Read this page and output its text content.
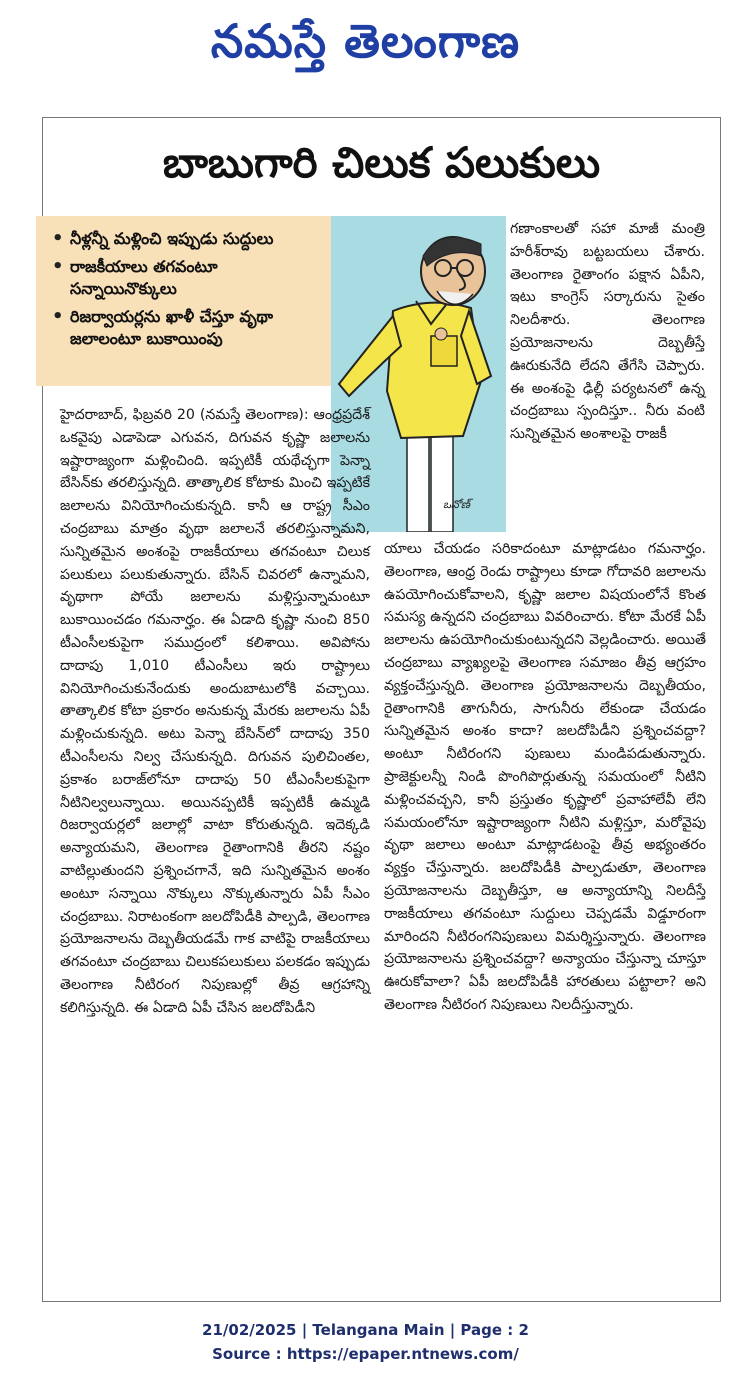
నమస్తే తెలంగాణ
బాబుగారి చిలుక పలుకులు
• నీళ్లన్నీ మళ్లించి ఇప్పుడు సుద్దులు
• రాజకీయాలు తగవంటూ సన్నాయినొక్కులు
• రిజర్వాయర్లను ఖాళీ చేస్తూ వృథా జలాలంటూ బుకాయింపు
ఒనోణ్

గణాంకాలతో సహా మాజీ మంత్రి హరీశ్‌రావు బట్టబయలు చేశారు. తెలంగాణ రైతాంగం పక్షాన ఏపీని, ఇటు కాంగ్రెస్ సర్కారును సైతం నిలదీశారు. తెలంగాణ ప్రయోజనాలను దెబ్బతీస్తే ఊరుకునేది లేదని తేగేసి చెప్పారు. ఈ అంశంపై ఢిల్లీ పర్యటనలో ఉన్న చంద్రబాబు స్పందిస్తూ.. నీరు వంటి సున్నితమైన అంశాలపై రాజకీ

హైదరాబాద్, ఫిబ్రవరి 20 (నమస్తే తెలంగాణ): ఆంధ్రప్రదేశ్ ఒకవైపు ఎడాపెడా ఎగువన, దిగువన కృష్ణా జలాలను ఇష్టారాజ్యంగా మళ్లించింది. ఇప్పటికీ యథేచ్ఛగా పెన్నా బేసిన్‌కు తరలిస్తున్నది. తాత్కాలిక కోటాకు మించి ఇప్పటికే జలాలను వినియోగించుకున్నది. కానీ ఆ రాష్ట్ర సీఎం చంద్రబాబు మాత్రం వృథా జలాలనే తరలిస్తున్నామని, సున్నితమైన అంశంపై రాజకీయాలు తగవంటూ చిలుక పలుకులు పలుకుతున్నారు. బేసిన్ చివరలో ఉన్నామని, వృథాగా పోయే జలాలను మళ్లిస్తున్నామంటూ బుకాయించడం గమనార్హం. ఈ ఏడాది కృష్ణా నుంచి 850 టీఎంసీలకుపైగా సముద్రంలో కలిశాయి. అవిపోను దాదాపు 1,010 టీఎంసీలు ఇరు రాష్ట్రాలు వినియోగించుకునేందుకు అందుబాటులోకి వచ్చాయి. తాత్కాలిక కోటా ప్రకారం అనుకున్న మేరకు జలాలను ఏపీ మళ్లించుకున్నది. అటు పెన్నా బేసిన్‌లో దాదాపు 350 టీఎంసీలను నిల్వ చేసుకున్నది. దిగువన పులిచింతల, ప్రకాశం బరాజ్‌లోనూ దాదాపు 50 టీఎంసీలకుపైగా నీటినిల్వలున్నాయి. అయినప్పటికీ ఇప్పటికీ ఉమ్మడి రిజర్వాయర్లలో జలాల్లో వాటా కోరుతున్నది. ఇదెక్కడి అన్యాయమని, తెలంగాణ రైతాంగానికి తీరని నష్టం వాటిల్లుతుందని ప్రశ్నించగానే, ఇది సున్నితమైన అంశం అంటూ సన్నాయి నొక్కులు నొక్కుతున్నారు ఏపీ సీఎం చంద్రబాబు. నిరాటంకంగా జలదోపిడీకి పాల్పడి, తెలంగాణ ప్రయోజనాలను దెబ్బతీయడమే గాక వాటిపై రాజకీయాలు తగవంటూ చంద్రబాబు చిలుకపలుకులు పలకడం ఇప్పుడు తెలంగాణ నీటిరంగ నిపుణుల్లో తీవ్ర ఆగ్రహాన్ని కలిగిస్తున్నది. ఈ ఏడాది ఏపీ చేసిన జలదోపిడీని

యాలు చేయడం సరికాదంటూ మాట్లాడటం గమనార్హం. తెలంగాణ, ఆంధ్ర రెండు రాష్ట్రాలు కూడా గోదావరి జలాలను ఉపయోగించుకోవాలని, కృష్ణా జలాల విషయంలోనే కొంత సమస్య ఉన్నదని చంద్రబాబు వివరించారు. కోటా మేరకే ఏపీ జలాలను ఉపయోగించుకుంటున్నదని వెల్లడించారు. అయితే చంద్రబాబు వ్యాఖ్యలపై తెలంగాణ సమాజం తీవ్ర ఆగ్రహం వ్యక్తంచేస్తున్నది. తెలంగాణ ప్రయోజనాలను దెబ్బతీయం, రైతాంగానికి తాగునీరు, సాగునీరు లేకుండా చేయడం సున్నితమైన అంశం కాదా? జలదోపిడీని ప్రశ్నించవద్దా? అంటూ నీటిరంగని పుణులు మండిపడుతున్నారు. ప్రాజెక్టులన్నీ నిండి పొంగిపొర్లుతున్న సమయంలో నీటిని మళ్లించవచ్చని, కానీ ప్రస్తుతం కృష్ణాలో ప్రవాహాలేవీ లేని సమయంలోనూ ఇష్టారాజ్యంగా నీటిని మళ్లిస్తూ, మరోవైపు వృథా జలాలు అంటూ మాట్లాడటంపై తీవ్ర అభ్యంతరం వ్యక్తం చేస్తున్నారు. జలదోపిడీకి పాల్పడుతూ, తెలంగాణ ప్రయోజనాలను దెబ్బతీస్తూ, ఆ అన్యాయాన్ని నిలదీస్తే రాజకీయాలు తగవంటూ సుద్దులు చెప్పడమే విడ్డూరంగా మారిందని నీటిరంగనిపుణులు విమర్శిస్తున్నారు. తెలంగాణ ప్రయోజనాలను ప్రశ్నించవద్దా? అన్యాయం చేస్తున్నా చూస్తూ ఊరుకోవాలా? ఏపీ జలదోపిడీకి హారతులు పట్టాలా? అని తెలంగాణ నీటిరంగ నిపుణులు నిలదీస్తున్నారు.

21/02/2025 | Telangana Main | Page : 2
Source : https://epaper.ntnews.com/
